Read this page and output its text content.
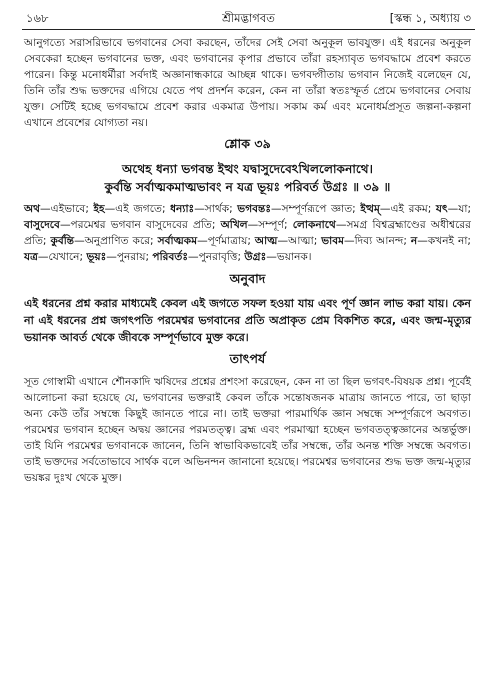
১৬৮	শ্রীমদ্ভাগবত	[স্কন্ধ ১, অধ্যায় ৩

আনুগত্যে সরাসরিভাবে ভগবানের সেবা করছেন, তাঁদের সেই সেবা অনুকূল ভাবযুক্ত। এই ধরনের অনুকূল সেবকেরা হচ্ছেন ভগবানের ভক্ত, এবং ভগবানের কৃপার প্রভাবে তাঁরা রহস্যাবৃত ভগবদ্ধামে প্রবেশ করতে পারেন। কিন্তু মনোধর্মীরা সর্বদাই অজ্ঞানান্ধকারে আচ্ছন্ন থাকে। ভগবদ্গীতায় ভগবান নিজেই বলেছেন যে, তিনি তাঁর শুদ্ধ ভক্তদের এগিয়ে যেতে পথ প্রদর্শন করেন, কেন না তাঁরা স্বতঃস্ফূর্ত প্রেমে ভগবানের সেবায় যুক্ত। সেটিই হচ্ছে ভগবদ্ধামে প্রবেশ করার একমাত্র উপায়। সকাম কর্ম এবং মনোধর্মপ্রসূত জল্পনা-কল্পনা এখানে প্রবেশের যোগ্যতা নয়।

শ্লোক ৩৯
অথেহ ধন্যা ভগবন্ত ইত্থং যদ্বাসুদেবেঽখিললোকনাথে।
কুর্বন্তি সর্বাত্মকমাত্মভাবং ন যত্র ভূয়ঃ পরিবর্ত উগ্রঃ ॥ ৩৯ ॥
অথ—এইভাবে; ইহ—এই জগতে; ধন্যাঃ—সার্থক; ভগবন্তঃ—সম্পূর্ণরূপে জ্ঞাত; ইত্থম্—এই রকম; যৎ—যা; বাসুদেবে—পরমেশ্বর ভগবান বাসুদেবের প্রতি; অখিল—সম্পূর্ণ; লোকনাথে—সমগ্র বিশ্বব্রহ্মাণ্ডের অধীশ্বরের প্রতি; কুর্বন্তি—অনুপ্রাণিত করে; সর্বাত্মকম—পূর্ণমাত্রায়; আত্ম—আত্মা; ভাবম—দিব্য আনন্দ; ন—কখনই না; যত্র—যেখানে; ভূয়ঃ—পুনরায়; পরিবর্তঃ—পুনরাবৃত্তি; উগ্রঃ—ভয়ানক।
অনুবাদ

এই ধরনের প্রশ্ন করার মাধ্যমেই কেবল এই জগতে সফল হওয়া যায় এবং পূর্ণ জ্ঞান লাভ করা যায়। কেন না এই ধরনের প্রশ্ন জগৎপতি পরমেশ্বর ভগবানের প্রতি অপ্রাকৃত প্রেম বিকশিত করে, এবং জন্ম-মৃত্যুর ভয়ানক আবর্ত থেকে জীবকে সম্পূর্ণভাবে মুক্ত করে।

তাৎপর্য

সূত গোস্বামী এখানে শৌনকাদি ঋষিদের প্রশ্নের প্রশংসা করেছেন, কেন না তা ছিল ভগবৎ-বিষয়ক প্রশ্ন। পূর্বেই আলোচনা করা হয়েছে যে, ভগবানের ভক্তরাই কেবল তাঁকে সন্তোষজনক মাত্রায় জানতে পারে, তা ছাড়া অন্য কেউ তাঁর সম্বন্ধে কিছুই জানতে পারে না। তাই ভক্তরা পারমার্থিক জ্ঞান সম্বন্ধে সম্পূর্ণরূপে অবগত। পরমেশ্বর ভগবান হচ্ছেন অদ্বয় জ্ঞানের পরমতত্ত্ব। ব্রহ্ম এবং পরমাত্মা হচ্ছেন ভগবতত্ত্বজ্ঞানের অন্তর্ভুক্ত। তাই যিনি পরমেশ্বর ভগবানকে জানেন, তিনি স্বাভাবিকভাবেই তাঁর সম্বন্ধে, তাঁর অনন্ত শক্তি সম্বন্ধে অবগত। তাই ভক্তদের সর্বতোভাবে সার্থক বলে অভিনন্দন জানানো হয়েছে। পরমেশ্বর ভগবানের শুদ্ধ ভক্ত জন্ম-মৃত্যুর ভয়ঙ্কর দুঃখ থেকে মুক্ত।
